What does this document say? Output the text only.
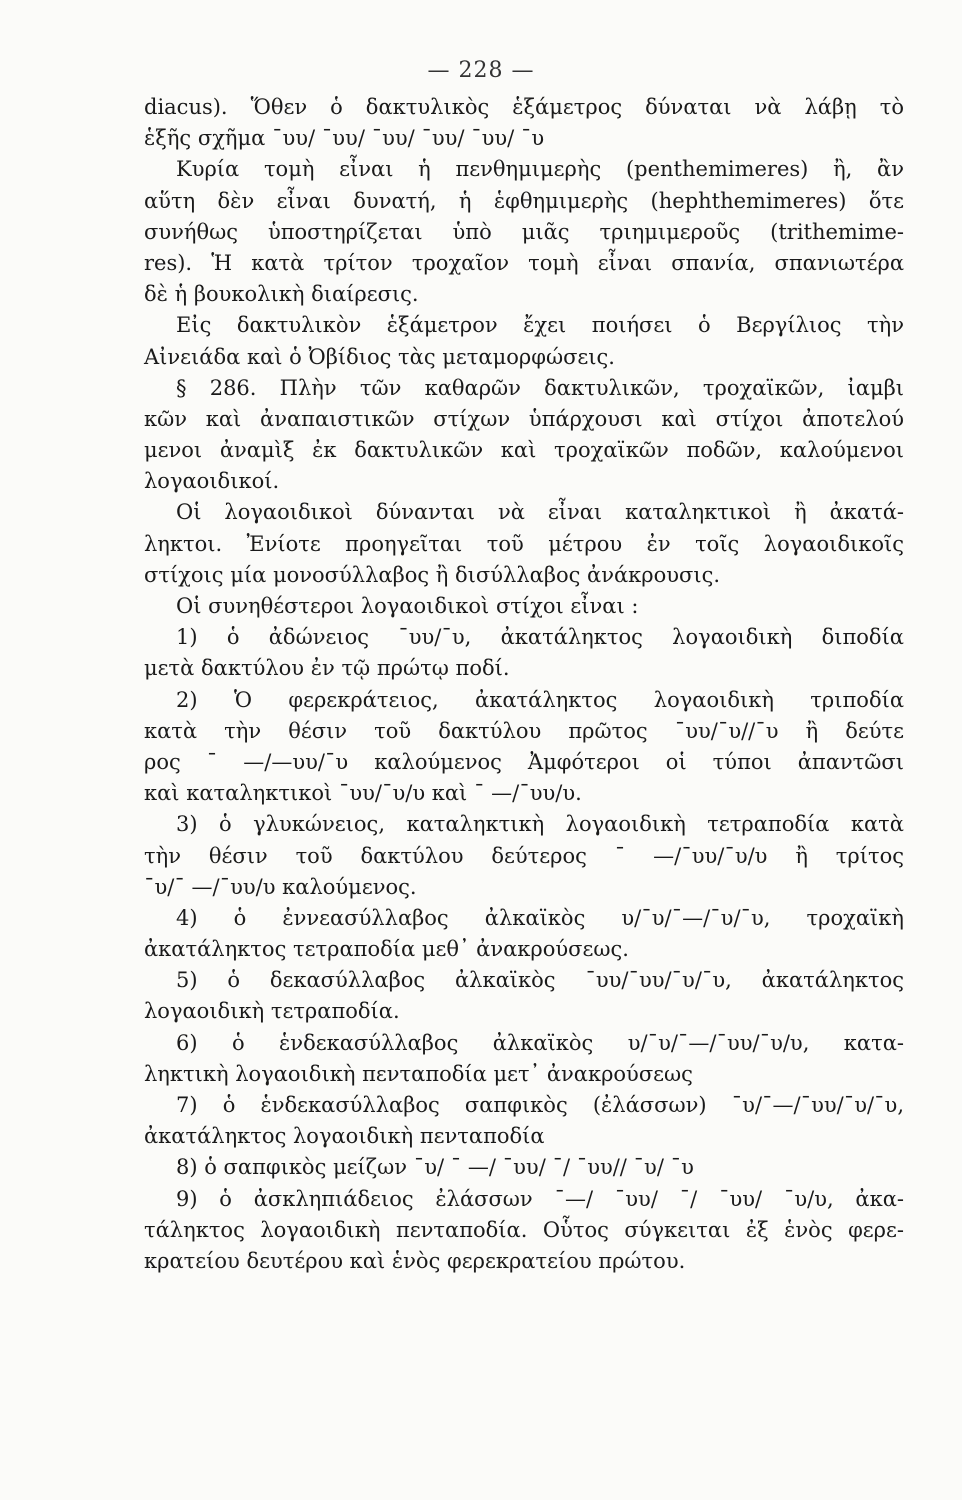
— 228 —
diacus). Ὅθεν ὁ δακτυλικὸς ἑξάμετρος δύναται νὰ λάβῃ τὸ
ἑξῆς σχῆμα ˉυυ/ ˉυυ/ ˉυυ/ ˉυυ/ ˉυυ/ ˉυ
Κυρία τομὴ εἶναι ἡ πενθημιμερὴς (penthemimeres) ἢ, ἂν
αὕτη δὲν εἶναι δυνατή, ἡ ἑφθημιμερὴς (hephthemimeres) ὅτε
συνήθως ὑποστηρίζεται ὑπὸ μιᾶς τριημιμεροῦς (trithemime-
res). Ἡ κατὰ τρίτον τροχαῖον τομὴ εἶναι σπανία, σπανιωτέρα
δὲ ἡ βουκολικὴ διαίρεσις.
Εἰς δακτυλικὸν ἑξάμετρον ἔχει ποιήσει ὁ Βεργίλιος τὴν
Αἰνειάδα καὶ ὁ Ὀβίδιος τὰς μεταμορφώσεις.
§ 286. Πλὴν τῶν καθαρῶν δακτυλικῶν, τροχαϊκῶν, ἰαμβι
κῶν καὶ ἀναπαιστικῶν στίχων ὑπάρχουσι καὶ στίχοι ἀποτελού
μενοι ἀναμὶξ ἐκ δακτυλικῶν καὶ τροχαϊκῶν ποδῶν, καλούμενοι
λογαοιδικοί.
Οἱ λογαοιδικοὶ δύνανται νὰ εἶναι καταληκτικοὶ ἢ ἀκατά-
ληκτοι. Ἐνίοτε προηγεῖται τοῦ μέτρου ἐν τοῖς λογαοιδικοῖς
στίχοις μία μονοσύλλαβος ἢ δισύλλαβος ἀνάκρουσις.
Οἱ συνηθέστεροι λογαοιδικοὶ στίχοι εἶναι :
1) ὁ ἀδώνειος ˉυυ/ˉυ, ἀκατάληκτος λογαοιδικὴ διποδία
μετὰ δακτύλου ἐν τῷ πρώτῳ ποδί.
2) Ὁ φερεκράτειος, ἀκατάληκτος λογαοιδικὴ τριποδία
κατὰ τὴν θέσιν τοῦ δακτύλου πρῶτος ˉυυ/ˉυ//ˉυ ἢ δεύτε
ρος ˉ —/—υυ/ˉυ καλούμενος Ἀμφότεροι οἱ τύποι ἀπαντῶσι
καὶ καταληκτικοὶ ˉυυ/ˉυ/υ καὶ ˉ —/ˉυυ/υ.
3) ὁ γλυκώνειος, καταληκτικὴ λογαοιδικὴ τετραποδία κατὰ
τὴν θέσιν τοῦ δακτύλου δεύτερος ˉ —/ˉυυ/ˉυ/υ ἢ τρίτος
ˉυ/ˉ —/ˉυυ/υ καλούμενος.
4) ὁ ἐννεασύλλαβος ἀλκαϊκὸς υ/ˉυ/ˉ—/ˉυ/ˉυ, τροχαϊκὴ
ἀκατάληκτος τετραποδία μεθ᾽ ἀνακρούσεως.
5) ὁ δεκασύλλαβος ἀλκαϊκὸς ˉυυ/ˉυυ/ˉυ/ˉυ, ἀκατάληκτος
λογαοιδικὴ τετραποδία.
6) ὁ ἑνδεκασύλλαβος ἀλκαϊκὸς υ/ˉυ/ˉ—/ˉυυ/ˉυ/υ, κατα-
ληκτικὴ λογαοιδικὴ πενταποδία μετ᾽ ἀνακρούσεως
7) ὁ ἑνδεκασύλλαβος σαπφικὸς (ἐλάσσων) ˉυ/ˉ—/ˉυυ/ˉυ/ˉυ,
ἀκατάληκτος λογαοιδικὴ πενταποδία
8) ὁ σαπφικὸς μείζων ˉυ/ ˉ —/ ˉυυ/ ˉ/ ˉυυ// ˉυ/ ˉυ
9) ὁ ἀσκληπιάδειος ἐλάσσων ˉ—/ ˉυυ/ ˉ/ ˉυυ/ ˉυ/υ, ἀκα-
τάληκτος λογαοιδικὴ πενταποδία. Οὗτος σύγκειται ἐξ ἑνὸς φερε-
κρατείου δευτέρου καὶ ἑνὸς φερεκρατείου πρώτου.
